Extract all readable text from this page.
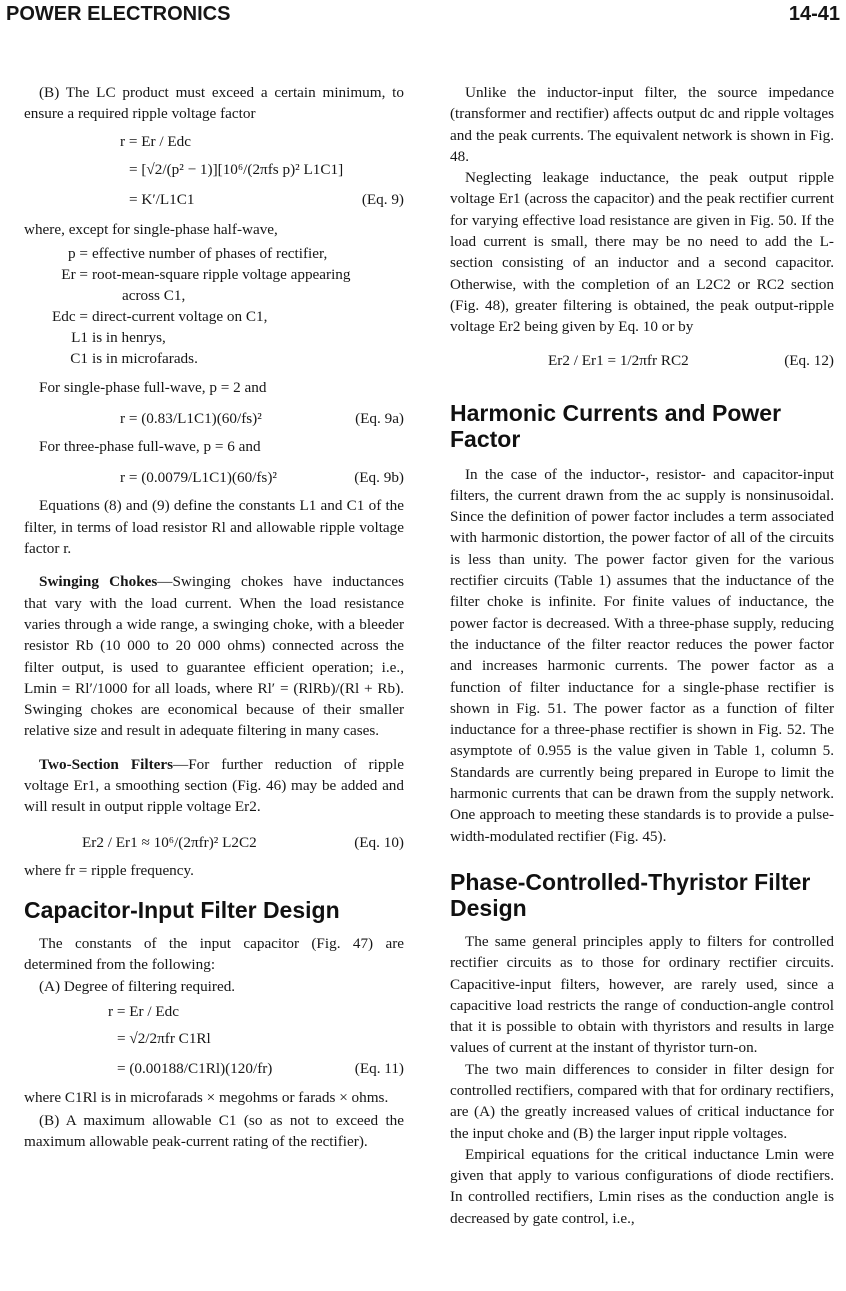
POWER ELECTRONICS	14-41

(B) The LC product must exceed a certain minimum, to ensure a required ripple voltage factor

r = Er / Edc
= [√2/(p² − 1)][10⁶/(2πfs p)² L1C1]
= K′/L1C1	(Eq. 9)

where, except for single-phase half-wave,

p = effective number of phases of rectifier,
Er = root-mean-square ripple voltage appearing
across C1,
Edc = direct-current voltage on C1,
L1 is in henrys,
C1 is in microfarads.

For single-phase full-wave, p = 2 and

r = (0.83/L1C1)(60/fs)²	(Eq. 9a)

For three-phase full-wave, p = 6 and

r = (0.0079/L1C1)(60/fs)²	(Eq. 9b)

Equations (8) and (9) define the constants L1 and C1 of the filter, in terms of load resistor Rl and allowable ripple voltage factor r.

Swinging Chokes—Swinging chokes have inductances that vary with the load current. When the load resistance varies through a wide range, a swinging choke, with a bleeder resistor Rb (10 000 to 20 000 ohms) connected across the filter output, is used to guarantee efficient operation; i.e., Lmin = Rl′/1000 for all loads, where Rl′ = (RlRb)/(Rl + Rb). Swinging chokes are economical because of their smaller relative size and result in adequate filtering in many cases.

Two-Section Filters—For further reduction of ripple voltage Er1, a smoothing section (Fig. 46) may be added and will result in output ripple voltage Er2.

Er2 / Er1 ≈ 10⁶/(2πfr)² L2C2	(Eq. 10)

where fr = ripple frequency.

Capacitor-Input Filter Design

The constants of the input capacitor (Fig. 47) are determined from the following:

(A) Degree of filtering required.

r = Er / Edc
= √2/2πfr C1Rl
= (0.00188/C1Rl)(120/fr)	(Eq. 11)

where C1Rl is in microfarads × megohms or farads × ohms.

(B) A maximum allowable C1 (so as not to exceed the maximum allowable peak-current rating of the rectifier).

Unlike the inductor-input filter, the source impedance (transformer and rectifier) affects output dc and ripple voltages and the peak currents. The equivalent network is shown in Fig. 48.

Neglecting leakage inductance, the peak output ripple voltage Er1 (across the capacitor) and the peak rectifier current for varying effective load resistance are given in Fig. 50. If the load current is small, there may be no need to add the L-section consisting of an inductor and a second capacitor. Otherwise, with the completion of an L2C2 or RC2 section (Fig. 48), greater filtering is obtained, the peak output-ripple voltage Er2 being given by Eq. 10 or by

Er2 / Er1 = 1/2πfr RC2	(Eq. 12)
Harmonic Currents and Power Factor

In the case of the inductor-, resistor- and capacitor-input filters, the current drawn from the ac supply is nonsinusoidal. Since the definition of power factor includes a term associated with harmonic distortion, the power factor of all of the circuits is less than unity. The power factor given for the various rectifier circuits (Table 1) assumes that the inductance of the filter choke is infinite. For finite values of inductance, the power factor is decreased. With a three-phase supply, reducing the inductance of the filter reactor reduces the power factor and increases harmonic currents. The power factor as a function of filter inductance for a single-phase rectifier is shown in Fig. 51. The power factor as a function of filter inductance for a three-phase rectifier is shown in Fig. 52. The asymptote of 0.955 is the value given in Table 1, column 5. Standards are currently being prepared in Europe to limit the harmonic currents that can be drawn from the supply network. One approach to meeting these standards is to provide a pulse-width-modulated rectifier (Fig. 45).

Phase-Controlled-Thyristor Filter Design

The same general principles apply to filters for controlled rectifier circuits as to those for ordinary rectifier circuits. Capacitive-input filters, however, are rarely used, since a capacitive load restricts the range of conduction-angle control that it is possible to obtain with thyristors and results in large values of current at the instant of thyristor turn-on.

The two main differences to consider in filter design for controlled rectifiers, compared with that for ordinary rectifiers, are (A) the greatly increased values of critical inductance for the input choke and (B) the larger input ripple voltages.

Empirical equations for the critical inductance Lmin were given that apply to various configurations of diode rectifiers. In controlled rectifiers, Lmin rises as the conduction angle is decreased by gate control, i.e.,
